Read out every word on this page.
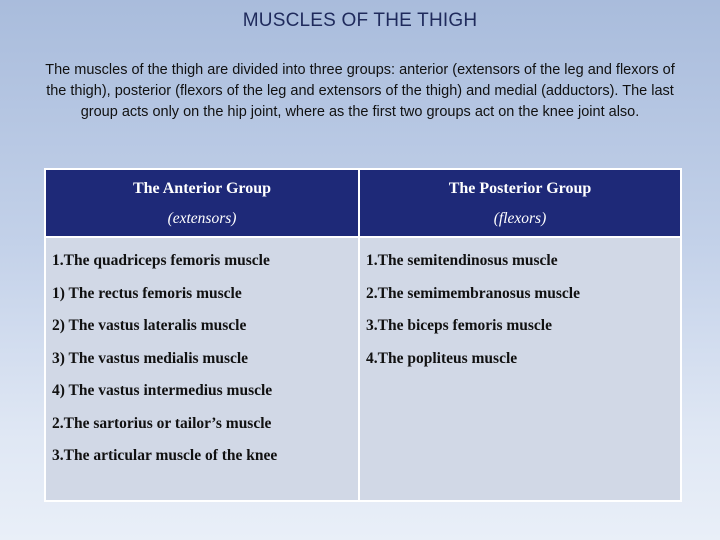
MUSCLES OF THE THIGH
The muscles of the thigh are divided into three groups: anterior (extensors of the leg and flexors of the thigh), posterior (flexors of the leg and extensors of the thigh) and medial (adductors). The last group acts only on the hip joint, where as the first two groups act on the knee joint also.
The Anterior Group
(extensors)
The Posterior Group
(flexors)
1.The quadriceps femoris muscle
1) The rectus femoris muscle
2) The vastus lateralis muscle
3) The vastus medialis muscle
4) The vastus intermedius muscle
2.The sartorius or tailor’s muscle
3.The articular muscle of the knee
1.The semitendinosus muscle
2.The semimembranosus muscle
3.The biceps femoris muscle
4.The popliteus muscle
